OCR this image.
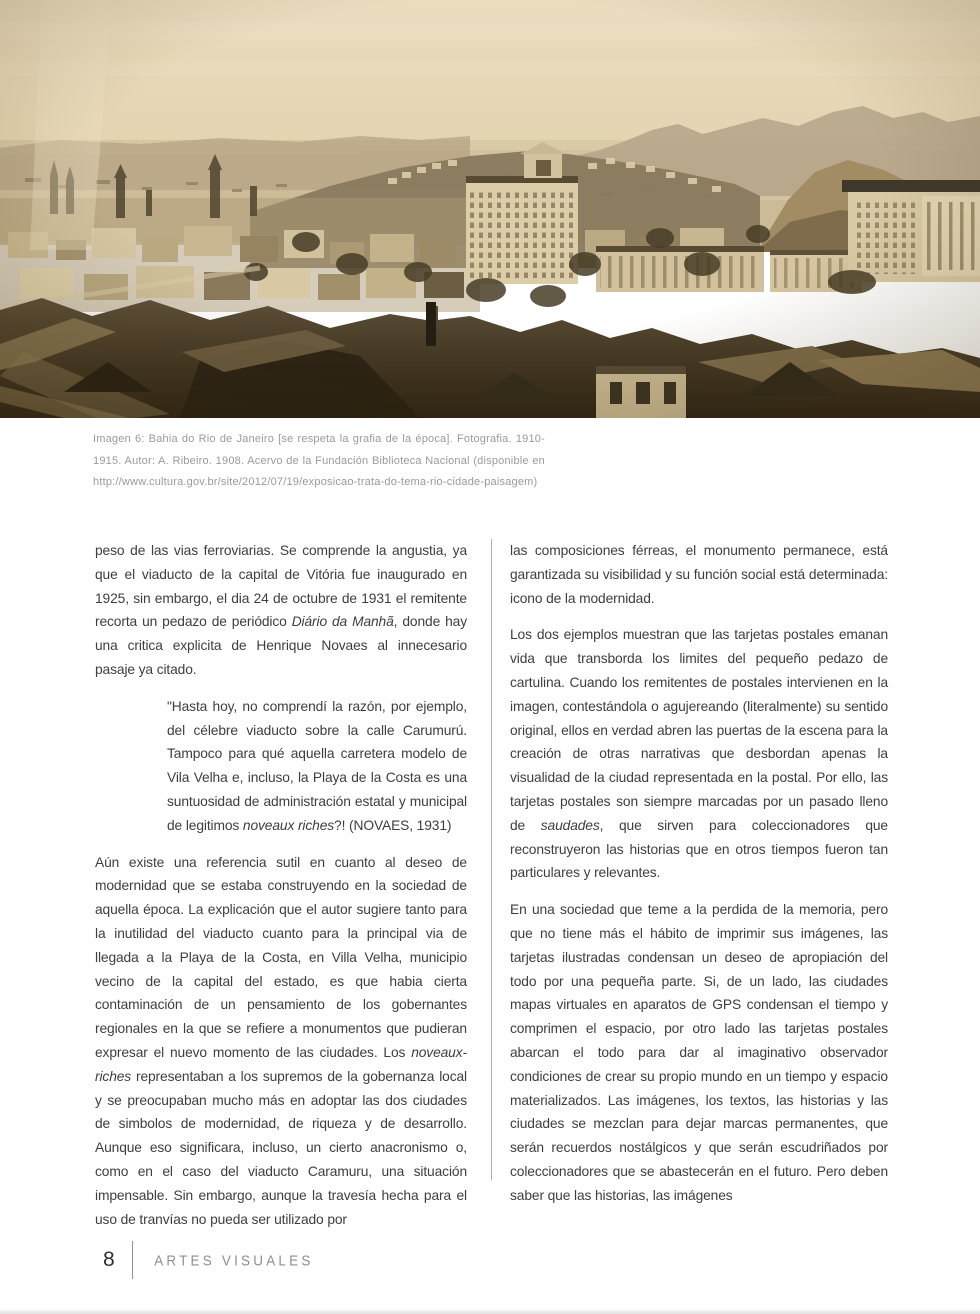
Imagen 6: Bahia do Rio de Janeiro [se respeta la grafia de la época]. Fotografia. 1910-1915. Autor: A. Ribeiro. 1908. Acervo de la Fundación Biblioteca Nacional (disponible en http://www.cultura.gov.br/site/2012/07/19/exposicao-trata-do-tema-rio-cidade-paisagem)

peso de las vias ferroviarias. Se comprende la angustia, ya que el viaducto de la capital de Vitória fue inaugurado en 1925, sin embargo, el dia 24 de octubre de 1931 el remitente recorta un pedazo de periódico Diário da Manhã, donde hay una critica explicita de Henrique Novaes al innecesario pasaje ya citado.

"Hasta hoy, no comprendí la razón, por ejemplo, del célebre viaducto sobre la calle Carumurú. Tampoco para qué aquella carretera modelo de Vila Velha e, incluso, la Playa de la Costa es una suntuosidad de administración estatal y municipal de legitimos noveaux riches?! (NOVAES, 1931)

Aún existe una referencia sutil en cuanto al deseo de modernidad que se estaba construyendo en la sociedad de aquella época. La explicación que el autor sugiere tanto para la inutilidad del viaducto cuanto para la principal via de llegada a la Playa de la Costa, en Villa Velha, municipio vecino de la capital del estado, es que habia cierta contaminación de un pensamiento de los gobernantes regionales en la que se refiere a monumentos que pudieran expresar el nuevo momento de las ciudades. Los noveaux-riches representaban a los supremos de la gobernanza local y se preocupaban mucho más en adoptar las dos ciudades de simbolos de modernidad, de riqueza y de desarrollo. Aunque eso significara, incluso, un cierto anacronismo o, como en el caso del viaducto Caramuru, una situación impensable. Sin embargo, aunque la travesía hecha para el uso de tranvías no pueda ser utilizado por

las composiciones férreas, el monumento permanece, está garantizada su visibilidad y su función social está determinada: icono de la modernidad.

Los dos ejemplos muestran que las tarjetas postales emanan vida que transborda los limites del pequeño pedazo de cartulina. Cuando los remitentes de postales intervienen en la imagen, contestándola o agujereando (literalmente) su sentido original, ellos en verdad abren las puertas de la escena para la creación de otras narrativas que desbordan apenas la visualidad de la ciudad representada en la postal. Por ello, las tarjetas postales son siempre marcadas por un pasado lleno de saudades, que sirven para coleccionadores que reconstruyeron las historias que en otros tiempos fueron tan particulares y relevantes.

En una sociedad que teme a la perdida de la memoria, pero que no tiene más el hábito de imprimir sus imágenes, las tarjetas ilustradas condensan un deseo de apropiación del todo por una pequeña parte. Si, de un lado, las ciudades mapas virtuales en aparatos de GPS condensan el tiempo y comprimen el espacio, por otro lado las tarjetas postales abarcan el todo para dar al imaginativo observador condiciones de crear su propio mundo en un tiempo y espacio materializados. Las imágenes, los textos, las historias y las ciudades se mezclan para dejar marcas permanentes, que serán recuerdos nostálgicos y que serán escudriñados por coleccionadores que se abastecerán en el futuro. Pero deben saber que las historias, las imágenes

8	ARTES VISUALES
